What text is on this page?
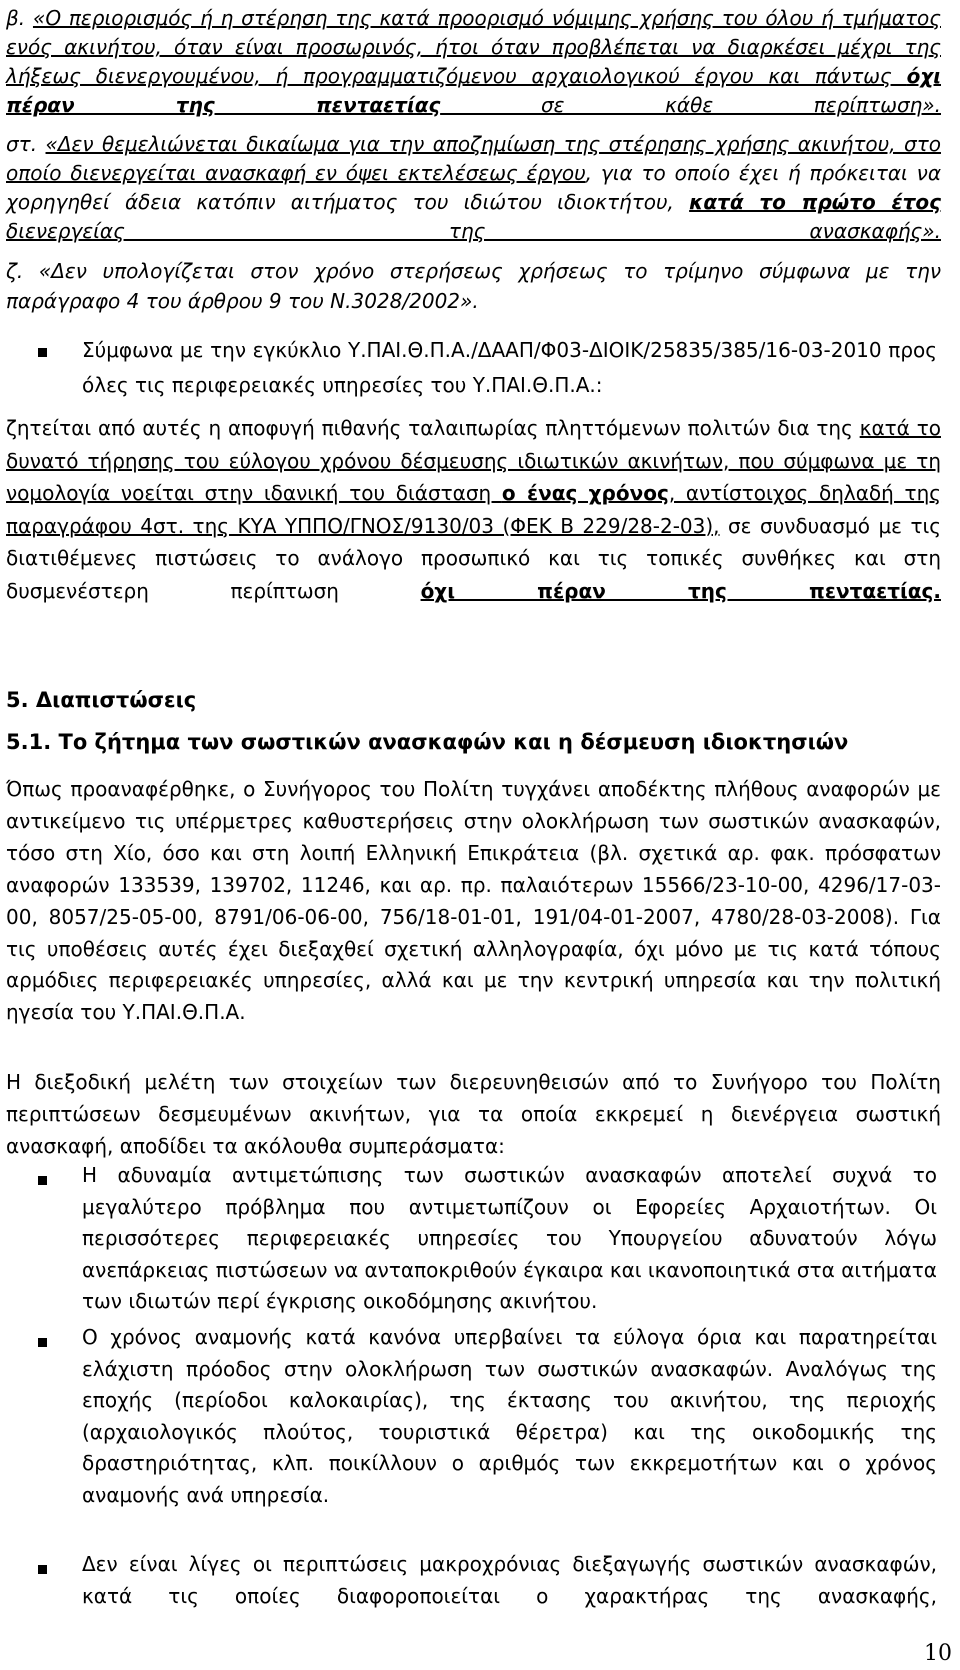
β. «Ο περιορισμός ή η στέρηση της κατά προορισμό νόμιμης χρήσης του όλου ή τμήματος ενός ακινήτου, όταν είναι προσωρινός, ήτοι όταν προβλέπεται να διαρκέσει μέχρι της λήξεως διενεργουμένου, ή προγραμματιζόμενου αρχαιολογικού έργου και πάντως όχι πέραν της πενταετίας σε κάθε περίπτωση».

στ. «Δεν θεμελιώνεται δικαίωμα για την αποζημίωση της στέρησης χρήσης ακινήτου, στο οποίο διενεργείται ανασκαφή εν όψει εκτελέσεως έργου, για το οποίο έχει ή πρόκειται να χορηγηθεί άδεια κατόπιν αιτήματος του ιδιώτου ιδιοκτήτου, κατά το πρώτο έτος διενεργείας της ανασκαφής».

ζ. «Δεν υπολογίζεται στον χρόνο στερήσεως χρήσεως το τρίμηνο σύμφωνα με την παράγραφο 4 του άρθρου 9 του Ν.3028/2002».

Σύμφωνα με την εγκύκλιο Υ.ΠΑΙ.Θ.Π.Α./ΔΑΑΠ/Φ03-ΔΙΟΙΚ/25835/385/16-03-2010 προς όλες τις περιφερειακές υπηρεσίες του Υ.ΠΑΙ.Θ.Π.Α.:

ζητείται από αυτές η αποφυγή πιθανής ταλαιπωρίας πληττόμενων πολιτών δια της κατά το δυνατό τήρησης του εύλογου χρόνου δέσμευσης ιδιωτικών ακινήτων, που σύμφωνα με τη νομολογία νοείται στην ιδανική του διάσταση ο ένας χρόνος, αντίστοιχος δηλαδή της παραγράφου 4στ. της ΚΥΑ ΥΠΠΟ/ΓΝΟΣ/9130/03 (ΦΕΚ Β 229/28-2-03), σε συνδυασμό με τις διατιθέμενες πιστώσεις το ανάλογο προσωπικό και τις τοπικές συνθήκες και στη δυσμενέστερη περίπτωση όχι πέραν της πενταετίας.

5. Διαπιστώσεις

5.1. Το ζήτημα των σωστικών ανασκαφών και η δέσμευση ιδιοκτησιών

Όπως προαναφέρθηκε, ο Συνήγορος του Πολίτη τυγχάνει αποδέκτης πλήθους αναφορών με αντικείμενο τις υπέρμετρες καθυστερήσεις στην ολοκλήρωση των σωστικών ανασκαφών, τόσο στη Χίο, όσο και στη λοιπή Ελληνική Επικράτεια (βλ. σχετικά αρ. φακ. πρόσφατων αναφορών 133539, 139702, 11246, και αρ. πρ. παλαιότερων 15566/23-10-00, 4296/17-03-00, 8057/25-05-00, 8791/06-06-00, 756/18-01-01, 191/04-01-2007, 4780/28-03-2008). Για τις υποθέσεις αυτές έχει διεξαχθεί σχετική αλληλογραφία, όχι μόνο με τις κατά τόπους αρμόδιες περιφερειακές υπηρεσίες, αλλά και με την κεντρική υπηρεσία και την πολιτική ηγεσία του Υ.ΠΑΙ.Θ.Π.Α.

Η διεξοδική μελέτη των στοιχείων των διερευνηθεισών από το Συνήγορο του Πολίτη περιπτώσεων δεσμευμένων ακινήτων, για τα οποία εκκρεμεί η διενέργεια σωστική ανασκαφή, αποδίδει τα ακόλουθα συμπεράσματα:

Η αδυναμία αντιμετώπισης των σωστικών ανασκαφών αποτελεί συχνά το μεγαλύτερο πρόβλημα που αντιμετωπίζουν οι Εφορείες Αρχαιοτήτων. Οι περισσότερες περιφερειακές υπηρεσίες του Υπουργείου αδυνατούν λόγω ανεπάρκειας πιστώσεων να ανταποκριθούν έγκαιρα και ικανοποιητικά στα αιτήματα των ιδιωτών περί έγκρισης οικοδόμησης ακινήτου.

Ο χρόνος αναμονής κατά κανόνα υπερβαίνει τα εύλογα όρια και παρατηρείται ελάχιστη πρόοδος στην ολοκλήρωση των σωστικών ανασκαφών. Αναλόγως της εποχής (περίοδοι καλοκαιρίας), της έκτασης του ακινήτου, της περιοχής (αρχαιολογικός πλούτος, τουριστικά θέρετρα) και της οικοδομικής της δραστηριότητας, κλπ. ποικίλλουν ο αριθμός των εκκρεμοτήτων και ο χρόνος αναμονής ανά υπηρεσία.

Δεν είναι λίγες οι περιπτώσεις μακροχρόνιας διεξαγωγής σωστικών ανασκαφών, κατά τις οποίες διαφοροποιείται ο χαρακτήρας της ανασκαφής,

10
